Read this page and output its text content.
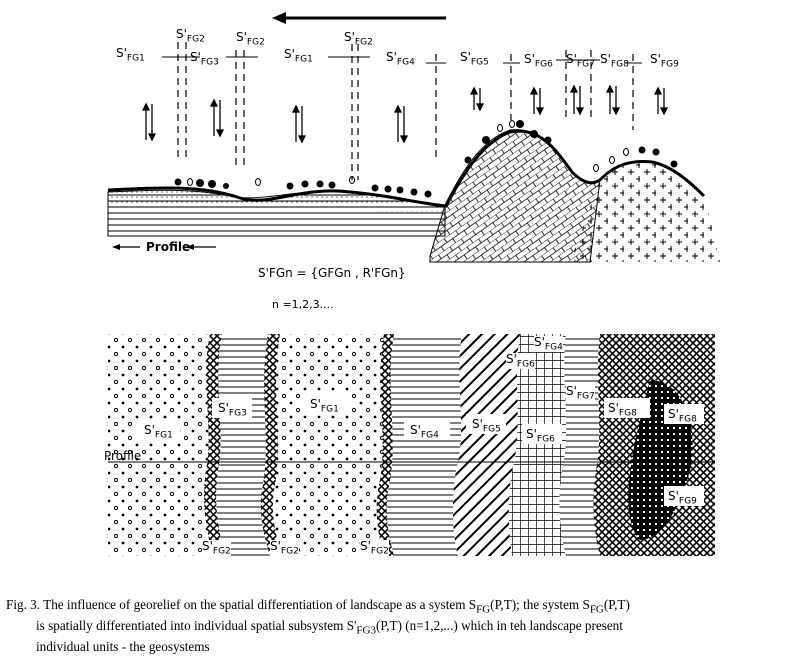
$S'_{FG1}$
$S'_{FG2}$
$S'_{FG3}$
$S'_{FG2}$
$S'_{FG1}$
$S'_{FG2}$
$S'_{FG4}$	$S'_{FG5}$	$S'_{FG6}$ $S'_{FG7}$ $S'_{FG8}$ $S'_{FG9}$
Profile
S'FGn = {GFGn , R'FGn}
n =1,2,3....
$S'_{FG1}$
$S'_{FG3}$
$S'_{FG1}$
$S'_{FG4}$
$S'_{FG5}$ $S'_{FG6}$
$S'_{FG6}$
$S'_{FG4}$
$S'_{FG7}$
$S'_{FG8}$	$S'_{FG8}$
$S'_{FG9}$
$S'_{FG2}$	$S'_{FG2}$	$S'_{FG2}$
Profile
Fig. 3. The influence of georelief on the spatial differentiation of landscape as a system $S_{FG}(P,T)$; the system $S_{FG}(P,T)$
is spatially differentiated into individual spatial subsystem $S'_{FG3}(P,T)$ (n=1,2,...) which in teh landscape present
individual units - the geosystems
